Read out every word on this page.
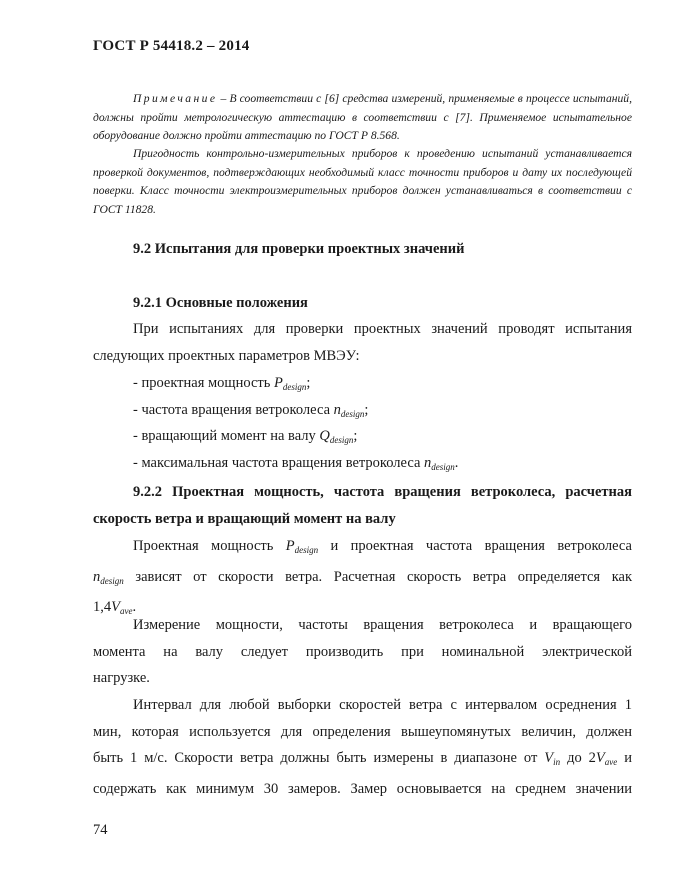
ГОСТ Р 54418.2 – 2014
Примечание – В соответствии с [6] средства измерений, применяемые в процессе испытаний, должны пройти метрологическую аттестацию в соответствии с [7]. Применяемое испытательное оборудование должно пройти аттестацию по ГОСТ Р 8.568.
Пригодность контрольно-измерительных приборов к проведению испытаний устанавливается проверкой документов, подтверждающих необходимый класс точности приборов и дату их последующей поверки. Класс точности электроизмерительных приборов должен устанавливаться в соответствии с ГОСТ 11828.
9.2 Испытания для проверки проектных значений
9.2.1 Основные положения
При испытаниях для проверки проектных значений проводят испытания
следующих проектных параметров МВЭУ:
- проектная мощность $P_{design}$;
- частота вращения ветроколеса $n_{design}$;
- вращающий момент на валу $Q_{design}$;
- максимальная частота вращения ветроколеса $n_{design}$.
9.2.2 Проектная мощность, частота вращения ветроколеса, расчетная
скорость ветра и вращающий момент на валу
Проектная мощность $P_{design}$ и проектная частота вращения ветроколеса
$n_{design}$ зависят от скорости ветра. Расчетная скорость ветра определяется как
$1,4V_{ave}$.
Измерение мощности, частоты вращения ветроколеса и вращающего
момента на валу следует производить при номинальной электрической
нагрузке.
Интервал для любой выборки скоростей ветра с интервалом осреднения 1
мин, которая используется для определения вышеупомянутых величин, должен
быть 1 м/с. Скорости ветра должны быть измерены в диапазоне от $V_{in}$ до $2V_{ave}$ и
содержать как минимум 30 замеров. Замер основывается на среднем значении
74
